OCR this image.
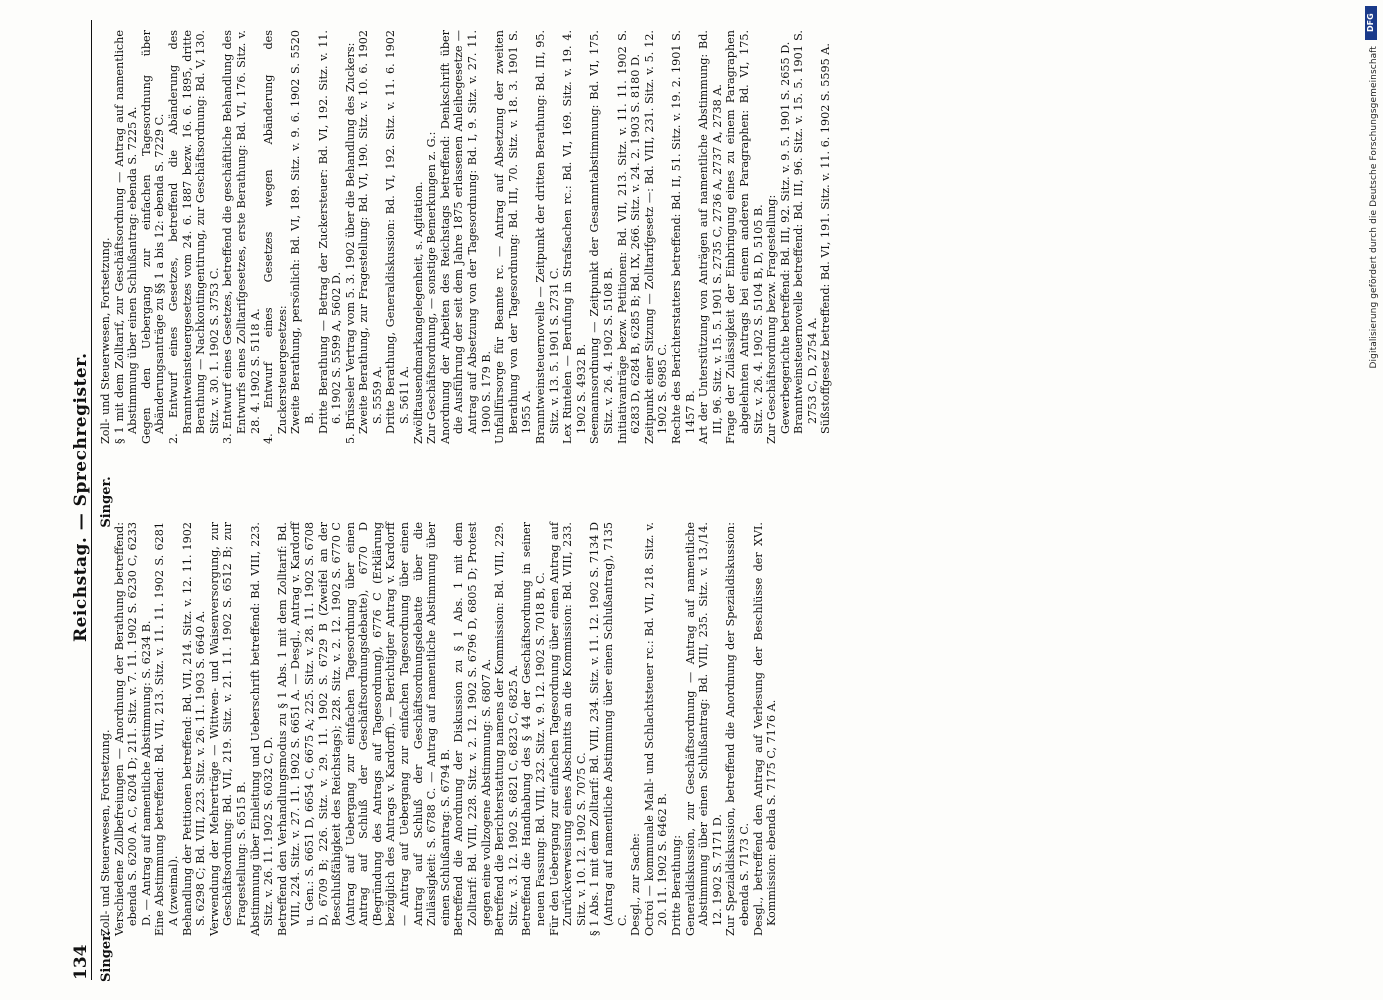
DFG
Digitalisierung gefördert durch die Deutsche Forschungsgemeinschaft
134
Reichstag. — Sprechregister.
Singer.
Singer.
Zoll- und Steuerwesen, Fortsetzung. Verschiedene Zollbefreiungen — Anordnung der Berathung betreffend: ebenda S. 6200 A. C, 6204 D; 211. Sitz. v. 7. 11. 1902 S. 6230 C, 6233 D. — Antrag auf namentliche Abstimmung: S. 6234 B. Eine Abstimmung betreffend: Bd. VII, 213. Sitz. v. 11. 11. 1902 S. 6281 A (zweimal). Behandlung der Petitionen betreffend: Bd. VII, 214. Sitz. v. 12. 11. 1902 S. 6298 C; Bd. VIII, 223. Sitz. v. 26. 11. 1903 S. 6640 A. Verwendung der Mehrerträge — Wittwen- und Waisenversorgung, zur Geschäftsordnung: Bd. VII, 219. Sitz. v. 21. 11. 1902 S. 6512 B; zur Fragestellung: S. 6515 B. Abstimmung über Einleitung und Ueberschrift betreffend: Bd. VIII, 223. Sitz. v. 26. 11. 1902 S. 6032 C, D. Betreffend den Verhandlungsmodus zu § 1 Abs. 1 mit dem Zolltarif: Bd. VIII, 224. Sitz. v. 27. 11. 1902 S. 6651 A. — Desgl., Antrag v. Kardorff u. Gen.: S. 6651 D, 6654 C, 6675 A; 225. Sitz. v. 28. 11. 1902 S. 6708 D, 6709 B; 226. Sitz. v. 29. 11. 1902 S. 6729 B (Zweifel an der Beschlußfähigkeit des Reichstags); 228. Sitz. v. 2. 12. 1902 S. 6770 C (Antrag auf Uebergang zur einfachen Tagesordnung über einen Antrag auf Schluß der Geschäftsordnungsdebatte), 6770 D (Begründung des Antrags auf Tagesordnung), 6776 C (Erklärung bezüglich des Antrags v. Kardorff). — Berichtigter Antrag v. Kardorff — Antrag auf Uebergang zur einfachen Tagesordnung über einen Antrag auf Schluß der Geschäftsordnungsdebatte über die Zulässigkeit: S. 6788 C. — Antrag auf namentliche Abstimmung über einen Schlußantrag: S. 6794 B. Betreffend die Anordnung der Diskussion zu § 1 Abs. 1 mit dem Zolltarif: Bd. VIII, 228. Sitz. v. 2. 12. 1902 S. 6796 D, 6805 D; Protest gegen eine vollzogene Abstimmung: S. 6807 A. Betreffend die Berichterstattung namens der Kommission: Bd. VIII, 229. Sitz. v. 3. 12. 1902 S. 6821 C, 6823 C, 6825 A. Betreffend die Handhabung des § 44 der Geschäftsordnung in seiner neuen Fassung: Bd. VIII, 232. Sitz. v. 9. 12. 1902 S. 7018 B, C. Für den Uebergang zur einfachen Tagesordnung über einen Antrag auf Zurückverweisung eines Abschnitts an die Kommission: Bd. VIII, 233. Sitz. v. 10. 12. 1902 S. 7075 C. § 1 Abs. 1 mit dem Zolltarif: Bd. VIII, 234. Sitz. v. 11. 12. 1902 S. 7134 D (Antrag auf namentliche Abstimmung über einen Schlußantrag), 7135 C. Desgl., zur Sache: Octroi — kommunale Mahl- und Schlachtsteuer rc.: Bd. VII, 218. Sitz. v. 20. 11. 1902 S. 6462 B. Dritte Berathung: Generaldiskussion, zur Geschäftsordnung — Antrag auf namentliche Abstimmung über einen Schlußantrag: Bd. VIII, 235. Sitz. v. 13./14. 12. 1902 S. 7171 D. Zur Spezialdiskussion, betreffend die Anordnung der Spezialdiskussion: ebenda S. 7173 C. Desgl., betreffend den Antrag auf Verlesung der Beschlüsse der XVI. Kommission: ebenda S. 7175 C, 7176 A.
Zoll- und Steuerwesen, Fortsetzung. § 1 mit dem Zolltarif, zur Geschäftsordnung — Antrag auf namentliche Abstimmung über einen Schlußantrag: ebenda S. 7225 A. Gegen den Uebergang zur einfachen Tagesordnung über Abänderungsanträge zu §§ 1 a bis 12: ebenda S. 7229 C. 2. Entwurf eines Gesetzes, betreffend die Abänderung des Branntweinsteuergesetzes vom 24. 6. 1887 bezw. 16. 6. 1895, dritte Berathung — Nachkontingentirung, zur Geschäftsordnung: Bd. V, 130. Sitz. v. 30. 1. 1902 S. 3753 C. 3. Entwurf eines Gesetzes, betreffend die geschäftliche Behandlung des Entwurfs eines Zolltarifgesetzes, erste Berathung: Bd. VI, 176. Sitz. v. 28. 4. 1902 S. 5118 A. 4. Entwurf eines Gesetzes wegen Abänderung des Zuckersteuergesetzes: Zweite Berathung, persönlich: Bd. VI, 189. Sitz. v. 9. 6. 1902 S. 5520 B. Dritte Berathung — Betrag der Zuckersteuer: Bd. VI, 192. Sitz. v. 11. 6. 1902 S. 5599 A, 5602 D. 5. Brüsseler Vertrag vom 5. 3. 1902 über die Behandlung des Zuckers: Zweite Berathung, zur Fragestellung: Bd. VI, 190. Sitz. v. 10. 6. 1902 S. 5559 A. Dritte Berathung, Generaldiskussion: Bd. VI, 192. Sitz. v. 11. 6. 1902 S. 5611 A. Zwölftausendmarkangelegenheit, s. Agitation. Zur Geschäftsordnung, — sonstige Bemerkungen z. G.: Anordnung der Arbeiten des Reichstags betreffend: Denkschrift über die Ausführung der seit dem Jahre 1875 erlassenen Anleihegesetze — Antrag auf Absetzung von der Tagesordnung: Bd. I, 9. Sitz. v. 27. 11. 1900 S. 179 B. Unfallfürsorge für Beamte rc. — Antrag auf Absetzung der zweiten Berathung von der Tagesordnung: Bd. III, 70. Sitz. v. 18. 3. 1901 S. 1955 A. Branntweinsteuernovelle — Zeitpunkt der dritten Berathung: Bd. III, 95. Sitz. v. 13. 5. 1901 S. 2731 C. Lex Rintelen — Berufung in Strafsachen rc.: Bd. VI, 169. Sitz. v. 19. 4. 1902 S. 4932 B. Seemannsordnung — Zeitpunkt der Gesammtabstimmung: Bd. VI, 175. Sitz. v. 26. 4. 1902 S. 5108 B. Initiativanträge bezw. Petitionen: Bd. VII, 213. Sitz. v. 11. 11. 1902 S. 6283 D, 6284 B, 6285 B; Bd. IX, 266. Sitz. v. 24. 2. 1903 S. 8180 D. Zeitpunkt einer Sitzung — Zolltarifgesetz —: Bd. VIII, 231. Sitz. v. 5. 12. 1902 S. 6985 C. Rechte des Berichterstatters betreffend: Bd. II, 51. Sitz. v. 19. 2. 1901 S. 1457 B. Art der Unterstützung von Anträgen auf namentliche Abstimmung: Bd. III, 96. Sitz. v. 15. 5. 1901 S. 2735 C, 2736 A, 2737 A, 2738 A. Frage der Zulässigkeit der Einbringung eines zu einem Paragraphen abgelehnten Antrags bei einem anderen Paragraphen: Bd. VI, 175. Sitz. v. 26. 4. 1902 S. 5104 B, D, 5105 B. Zur Geschäftsordnung bezw. Fragestellung: Gewerbegerichte betreffend: Bd. III, 92. Sitz. v. 9. 5. 1901 S. 2655 D. Branntweinsteuernovelle betreffend: Bd. III, 96. Sitz. v. 15. 5. 1901 S. 2753 C, D, 2754 A. Süßstoffgesetz betreffend: Bd. VI, 191. Sitz. v. 11. 6. 1902 S. 5595 A.
